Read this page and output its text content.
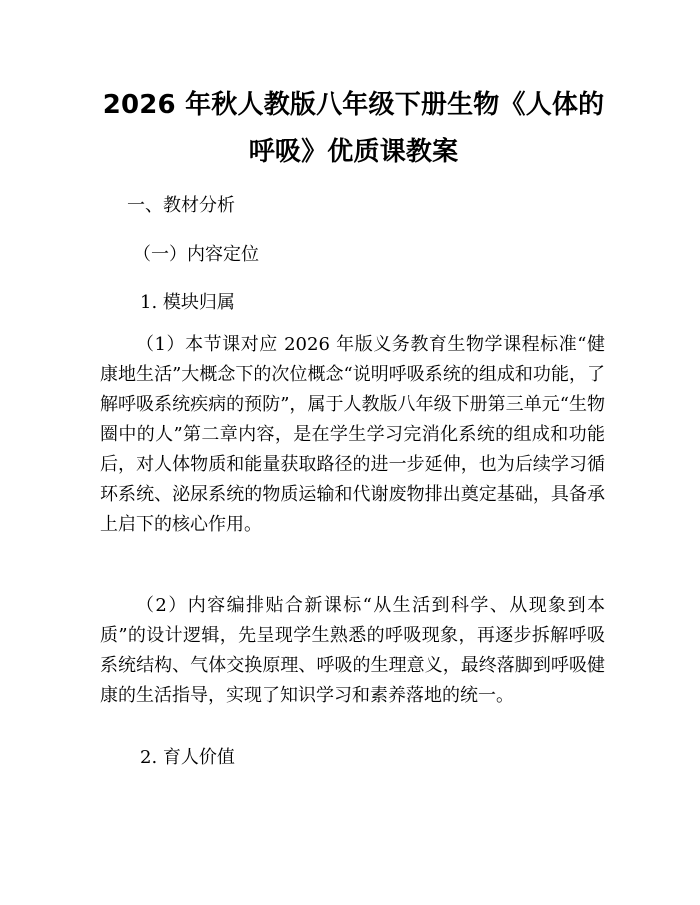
2026 年秋人教版八年级下册生物《人体的呼吸》优质课教案
一、教材分析
（一）内容定位
1. 模块归属
（1）本节课对应 2026 年版义务教育生物学课程标准“健康地生活”大概念下的次位概念“说明呼吸系统的组成和功能，了解呼吸系统疾病的预防”，属于人教版八年级下册第三单元“生物圈中的人”第二章内容，是在学生学习完消化系统的组成和功能后，对人体物质和能量获取路径的进一步延伸，也为后续学习循环系统、泌尿系统的物质运输和代谢废物排出奠定基础，具备承上启下的核心作用。
（2）内容编排贴合新课标“从生活到科学、从现象到本质”的设计逻辑，先呈现学生熟悉的呼吸现象，再逐步拆解呼吸系统结构、气体交换原理、呼吸的生理意义，最终落脚到呼吸健康的生活指导，实现了知识学习和素养落地的统一。
2. 育人价值
